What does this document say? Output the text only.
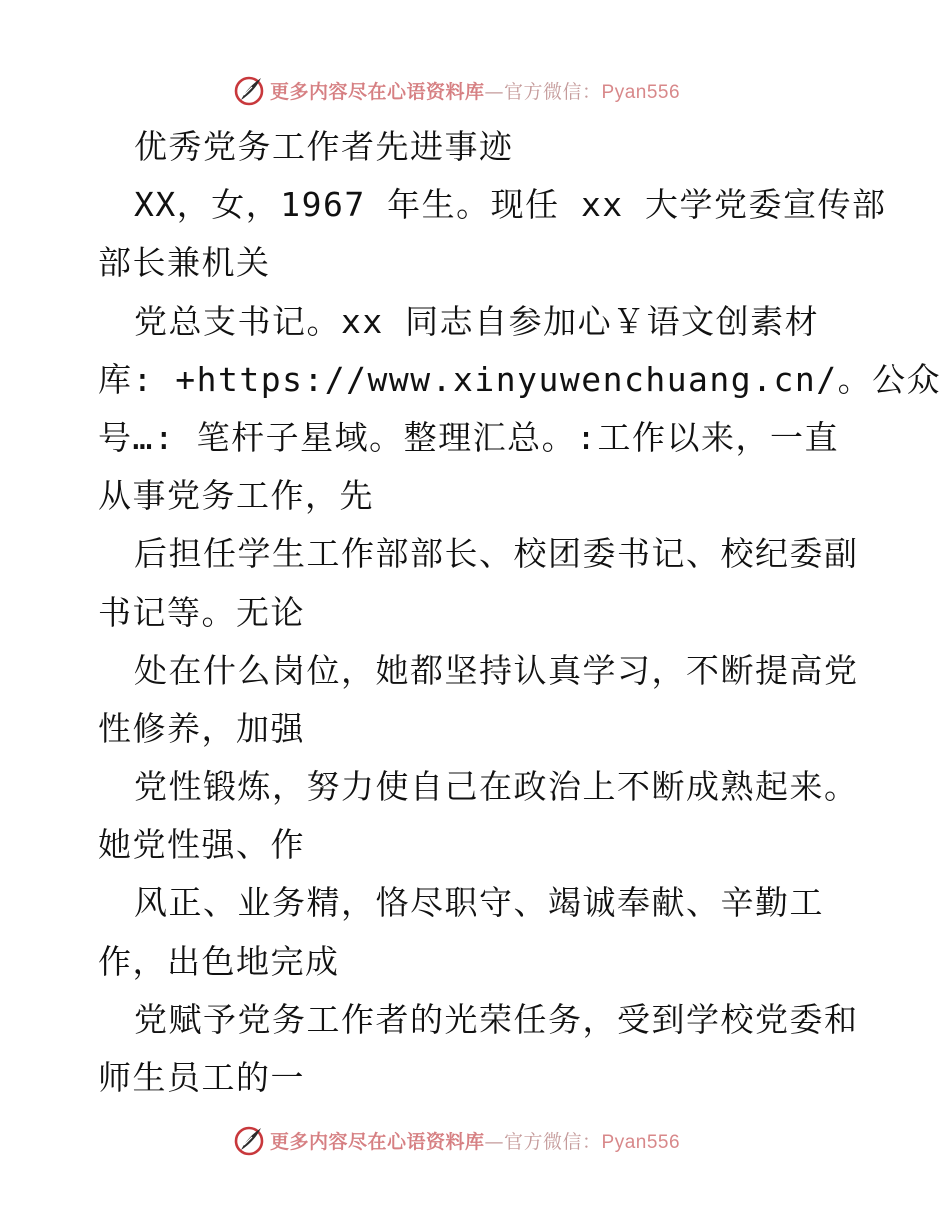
更多内容尽在心语资料库—官方微信：Pyan556
优秀党务工作者先进事迹
XX，女，1967 年生。现任 xx 大学党委宣传部
部长兼机关
党总支书记。xx 同志自参加心￥语文创素材
库: +https://www.xinyuwenchuang.cn/。公众
号…: 笔杆子星域。整理汇总。:工作以来，一直
从事党务工作，先
后担任学生工作部部长、校团委书记、校纪委副
书记等。无论
处在什么岗位，她都坚持认真学习，不断提高党
性修养，加强
党性锻炼，努力使自己在政治上不断成熟起来。
她党性强、作
风正、业务精，恪尽职守、竭诚奉献、辛勤工
作，出色地完成
党赋予党务工作者的光荣任务，受到学校党委和
师生员工的一
更多内容尽在心语资料库—官方微信：Pyan556
